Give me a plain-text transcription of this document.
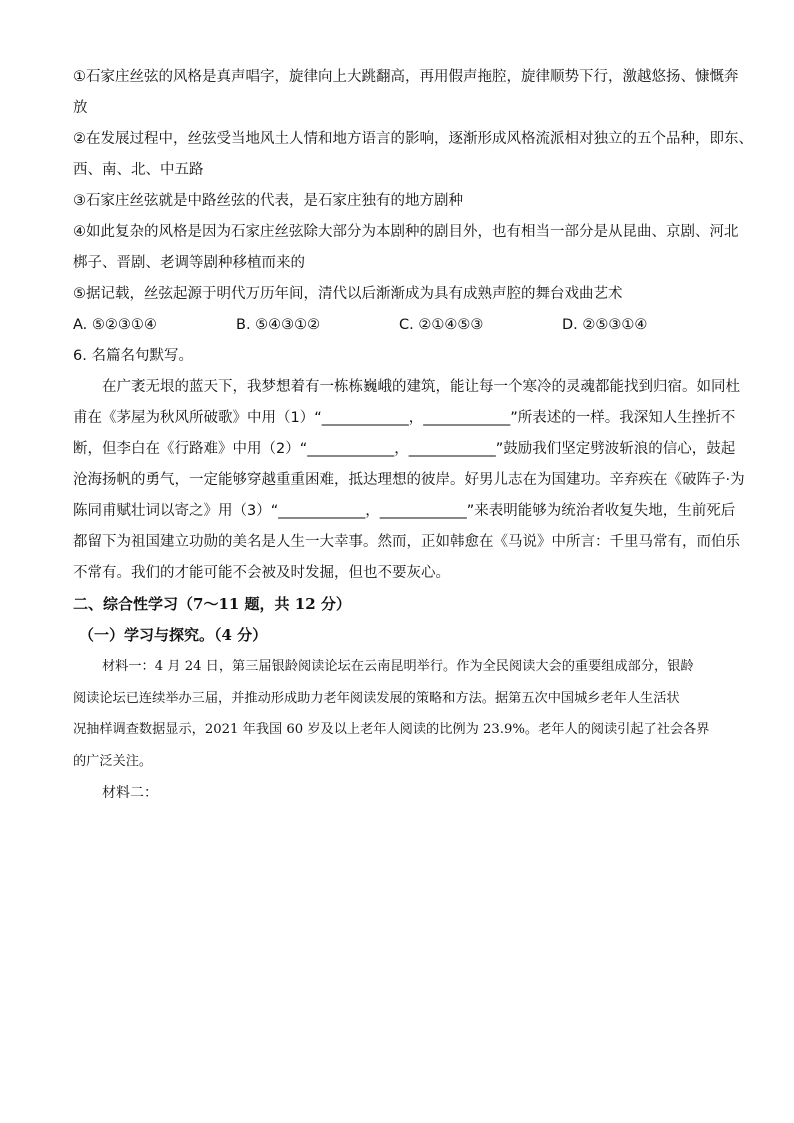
①石家庄丝弦的风格是真声唱字，旋律向上大跳翻高，再用假声拖腔，旋律顺势下行，激越悠扬、慷慨奔

放

②在发展过程中，丝弦受当地风土人情和地方语言的影响，逐渐形成风格流派相对独立的五个品种，即东、

西、南、北、中五路

③石家庄丝弦就是中路丝弦的代表，是石家庄独有的地方剧种

④如此复杂的风格是因为石家庄丝弦除大部分为本剧种的剧目外，也有相当一部分是从昆曲、京剧、河北

梆子、晋剧、老调等剧种移植而来的

⑤据记载，丝弦起源于明代万历年间，清代以后渐渐成为具有成熟声腔的舞台戏曲艺术

A. ⑤②③①④	B. ⑤④③①②	C. ②①④⑤③	D. ②⑤③①④

6. 名篇名句默写。

在广袤无垠的蓝天下，我梦想着有一栋栋巍峨的建筑，能让每一个寒冷的灵魂都能找到归宿。如同杜

甫在《茅屋为秋风所破歌》中用（1）“____________，____________”所表述的一样。我深知人生挫折不

断，但李白在《行路难》中用（2）“____________，____________”鼓励我们坚定劈波斩浪的信心，鼓起

沧海扬帆的勇气，一定能够穿越重重困难，抵达理想的彼岸。好男儿志在为国建功。辛弃疾在《破阵子·为

陈同甫赋壮词以寄之》用（3）“____________，____________”来表明能够为统治者收复失地，生前死后

都留下为祖国建立功勋的美名是人生一大幸事。然而，正如韩愈在《马说》中所言：千里马常有，而伯乐

不常有。我们的才能可能不会被及时发掘，但也不要灰心。

二、综合性学习（7～11 题，共 12 分）
（一）学习与探究。（4 分）

材料一：4 月 24 日，第三届银龄阅读论坛在云南昆明举行。作为全民阅读大会的重要组成部分，银龄

阅读论坛已连续举办三届，并推动形成助力老年阅读发展的策略和方法。据第五次中国城乡老年人生活状

况抽样调查数据显示，2021 年我国 60 岁及以上老年人阅读的比例为 23.9%。老年人的阅读引起了社会各界

的广泛关注。

材料二：
